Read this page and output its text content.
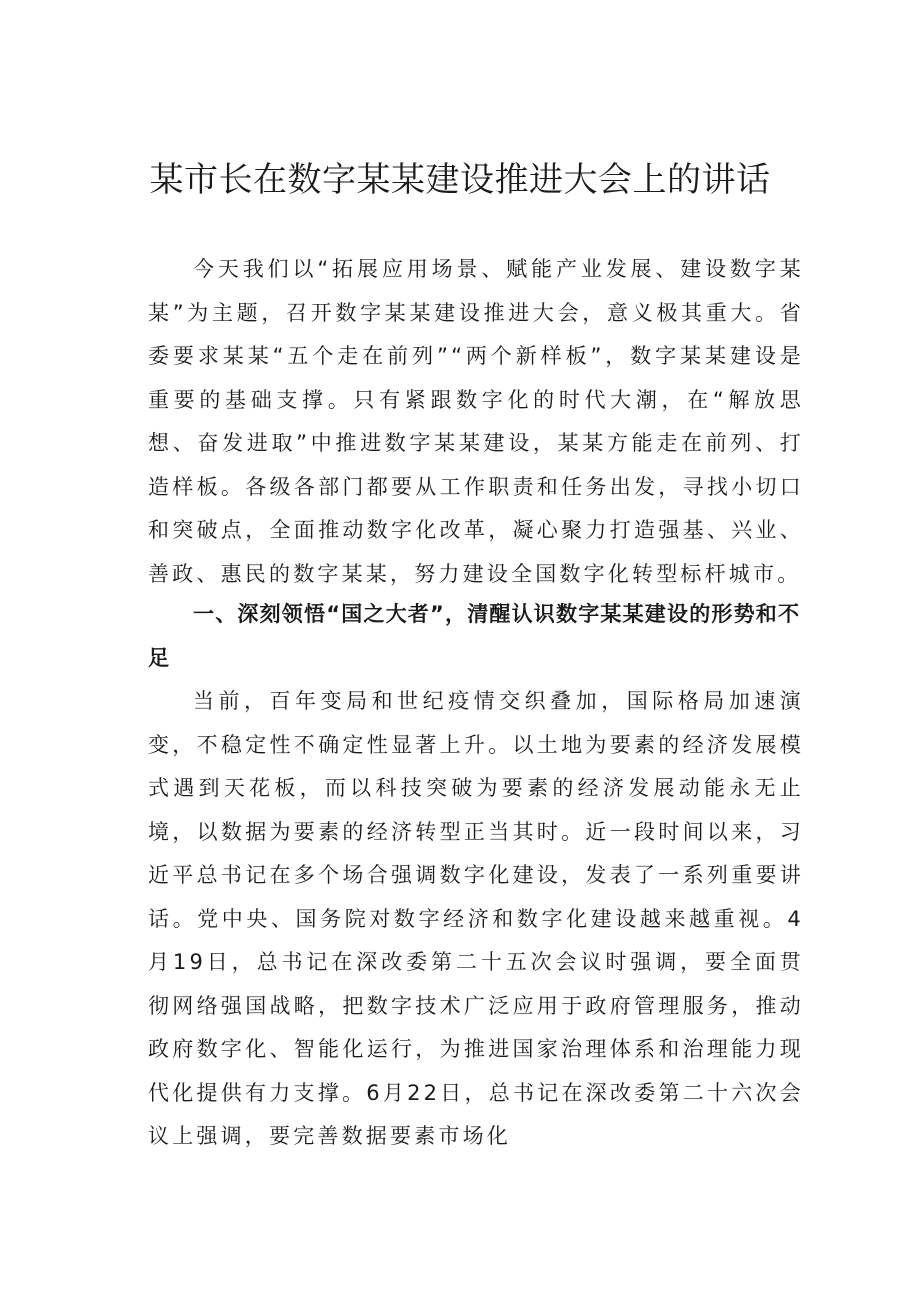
某市长在数字某某建设推进大会上的讲话

今天我们以“拓展应用场景、赋能产业发展、建设数字某某”为主题，召开数字某某建设推进大会，意义极其重大。省委要求某某“五个走在前列”“两个新样板”，数字某某建设是重要的基础支撑。只有紧跟数字化的时代大潮，在“解放思想、奋发进取”中推进数字某某建设，某某方能走在前列、打造样板。各级各部门都要从工作职责和任务出发，寻找小切口和突破点，全面推动数字化改革，凝心聚力打造强基、兴业、善政、惠民的数字某某，努力建设全国数字化转型标杆城市。

一、深刻领悟“国之大者”，清醒认识数字某某建设的形势和不足

当前，百年变局和世纪疫情交织叠加，国际格局加速演变，不稳定性不确定性显著上升。以土地为要素的经济发展模式遇到天花板，而以科技突破为要素的经济发展动能永无止境，以数据为要素的经济转型正当其时。近一段时间以来，习近平总书记在多个场合强调数字化建设，发表了一系列重要讲话。党中央、国务院对数字经济和数字化建设越来越重视。4月19日，总书记在深改委第二十五次会议时强调，要全面贯彻网络强国战略，把数字技术广泛应用于政府管理服务，推动政府数字化、智能化运行，为推进国家治理体系和治理能力现代化提供有力支撑。6月22日，总书记在深改委第二十六次会议上强调，要完善数据要素市场化
